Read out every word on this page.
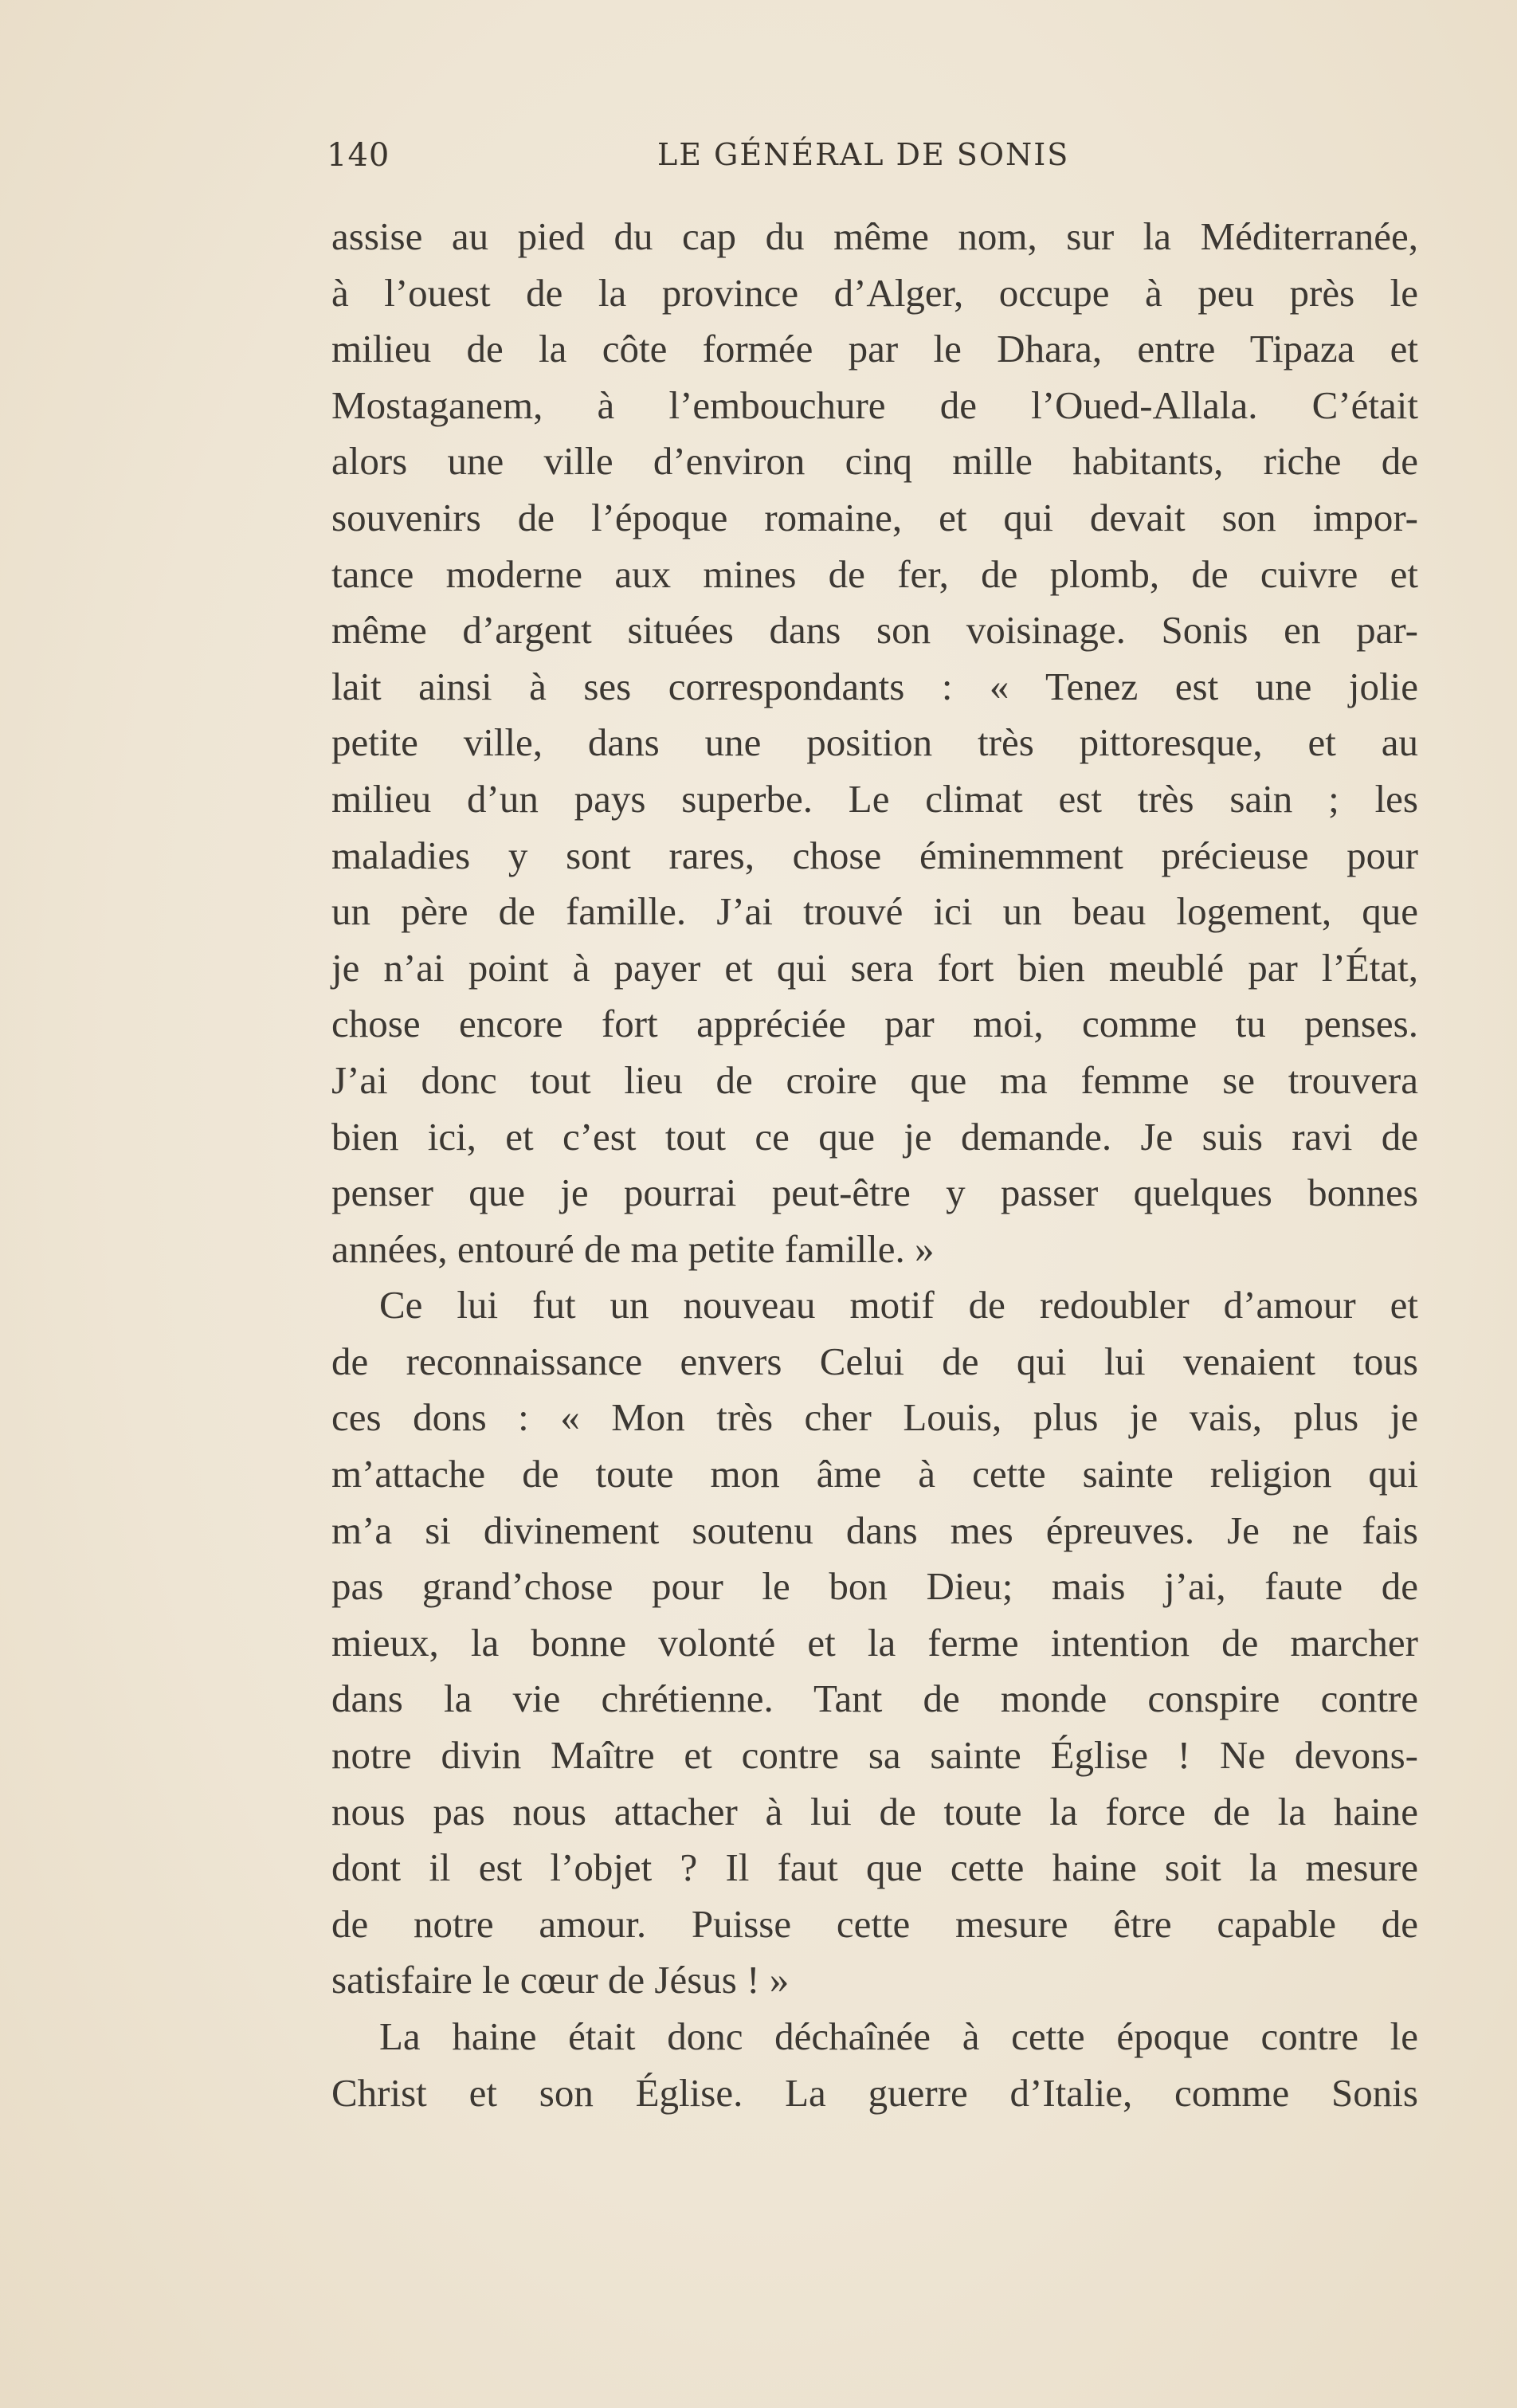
140	LE GÉNÉRAL DE SONIS
assise au pied du cap du même nom, sur la Méditerranée,
à l’ouest de la province d’Alger, occupe à peu près le
milieu de la côte formée par le Dhara, entre Tipaza et
Mostaganem, à l’embouchure de l’Oued-Allala. C’était
alors une ville d’environ cinq mille habitants, riche de
souvenirs de l’époque romaine, et qui devait son impor-
tance moderne aux mines de fer, de plomb, de cuivre et
même d’argent situées dans son voisinage. Sonis en par-
lait ainsi à ses correspondants : « Tenez est une jolie
petite ville, dans une position très pittoresque, et au
milieu d’un pays superbe. Le climat est très sain ; les
maladies y sont rares, chose éminemment précieuse pour
un père de famille. J’ai trouvé ici un beau logement, que
je n’ai point à payer et qui sera fort bien meublé par l’État,
chose encore fort appréciée par moi, comme tu penses.
J’ai donc tout lieu de croire que ma femme se trouvera
bien ici, et c’est tout ce que je demande. Je suis ravi de
penser que je pourrai peut-être y passer quelques bonnes
années, entouré de ma petite famille. »
Ce lui fut un nouveau motif de redoubler d’amour et
de reconnaissance envers Celui de qui lui venaient tous
ces dons : « Mon très cher Louis, plus je vais, plus je
m’attache de toute mon âme à cette sainte religion qui
m’a si divinement soutenu dans mes épreuves. Je ne fais
pas grand’chose pour le bon Dieu; mais j’ai, faute de
mieux, la bonne volonté et la ferme intention de marcher
dans la vie chrétienne. Tant de monde conspire contre
notre divin Maître et contre sa sainte Église ! Ne devons-
nous pas nous attacher à lui de toute la force de la haine
dont il est l’objet ? Il faut que cette haine soit la mesure
de notre amour. Puisse cette mesure être capable de
satisfaire le cœur de Jésus ! »
La haine était donc déchaînée à cette époque contre le
Christ et son Église. La guerre d’Italie, comme Sonis
